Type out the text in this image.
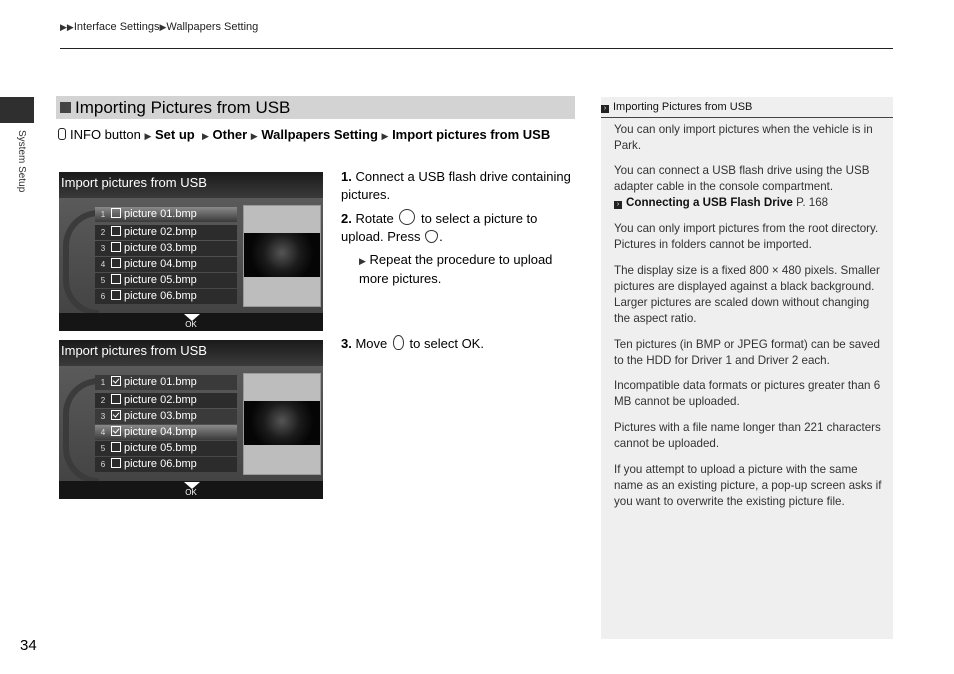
▶▶Interface Settings▶Wallpapers Setting
System Setup
34
Importing Pictures from USB
INFO button ▶ Set up ▶ Other ▶ Wallpapers Setting ▶ Import pictures from USB
Import pictures from USB
1 picture 01.bmp
2 picture 02.bmp
3 picture 03.bmp
4 picture 04.bmp
5 picture 05.bmp
6 picture 06.bmp
OK
Import pictures from USB
1 picture 01.bmp
2 picture 02.bmp
3 picture 03.bmp
4 picture 04.bmp
5 picture 05.bmp
6 picture 06.bmp
OK
1. Connect a USB flash drive containing pictures.
2. Rotate to select a picture to upload. Press .
▶ Repeat the procedure to upload more pictures.
3. Move to select OK.
› Importing Pictures from USB
You can only import pictures when the vehicle is in Park.
You can connect a USB flash drive using the USB adapter cable in the console compartment.
› Connecting a USB Flash Drive P. 168
You can only import pictures from the root directory. Pictures in folders cannot be imported.
The display size is a fixed 800 × 480 pixels. Smaller pictures are displayed against a black background. Larger pictures are scaled down without changing the aspect ratio.
Ten pictures (in BMP or JPEG format) can be saved to the HDD for Driver 1 and Driver 2 each.
Incompatible data formats or pictures greater than 6 MB cannot be uploaded.
Pictures with a file name longer than 221 characters cannot be uploaded.
If you attempt to upload a picture with the same name as an existing picture, a pop-up screen asks if you want to overwrite the existing picture file.
